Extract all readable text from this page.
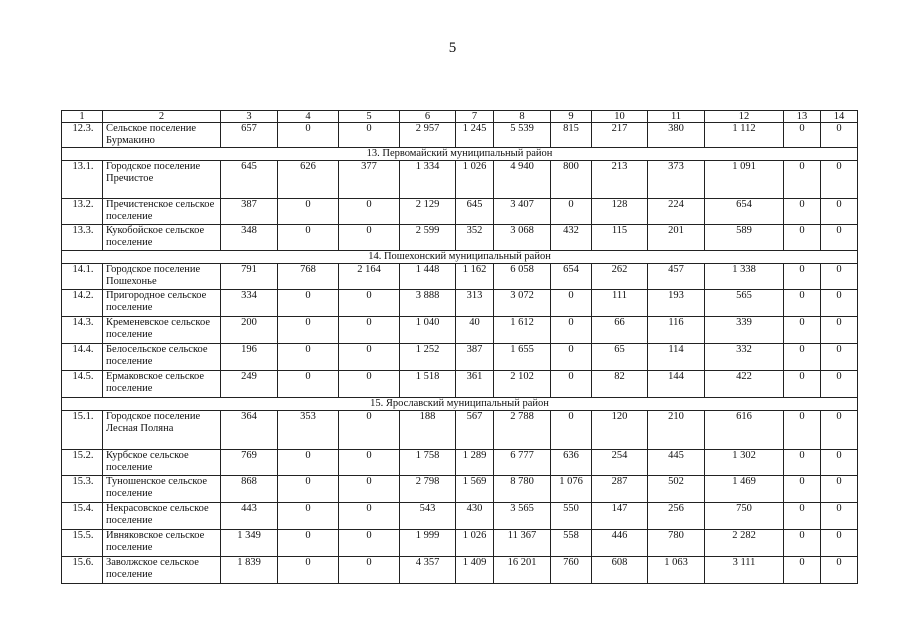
5
1	2	3	4	5	6	7	8	9	10	11	12	13	14
12.3.	Сельское поселение Бурмакино	657	0	0	2 957	1 245	5 539	815	217	380	1 112	0	0
13. Первомайский муниципальный район													
13.1.	Городское поселение Пречистое	645	626	377	1 334	1 026	4 940	800	213	373	1 091	0	0
13.2.	Пречистенское сельское поселение	387	0	0	2 129	645	3 407	0	128	224	654	0	0
13.3.	Кукобойское сельское поселение	348	0	0	2 599	352	3 068	432	115	201	589	0	0
14. Пошехонский муниципальный район													
14.1.	Городское поселение Пошехонье	791	768	2 164	1 448	1 162	6 058	654	262	457	1 338	0	0
14.2.	Пригородное сельское поселение	334	0	0	3 888	313	3 072	0	111	193	565	0	0
14.3.	Кременевское сельское поселение	200	0	0	1 040	40	1 612	0	66	116	339	0	0
14.4.	Белосельское сельское поселение	196	0	0	1 252	387	1 655	0	65	114	332	0	0
14.5.	Ермаковское сельское поселение	249	0	0	1 518	361	2 102	0	82	144	422	0	0
15. Ярославский муниципальный район													
15.1.	Городское поселение Лесная Поляна	364	353	0	188	567	2 788	0	120	210	616	0	0
15.2.	Курбское сельское поселение	769	0	0	1 758	1 289	6 777	636	254	445	1 302	0	0
15.3.	Туношенское сельское поселение	868	0	0	2 798	1 569	8 780	1 076	287	502	1 469	0	0
15.4.	Некрасовское сельское поселение	443	0	0	543	430	3 565	550	147	256	750	0	0
15.5.	Ивняковское сельское поселение	1 349	0	0	1 999	1 026	11 367	558	446	780	2 282	0	0
15.6.	Заволжское сельское поселение	1 839	0	0	4 357	1 409	16 201	760	608	1 063	3 111	0	0
